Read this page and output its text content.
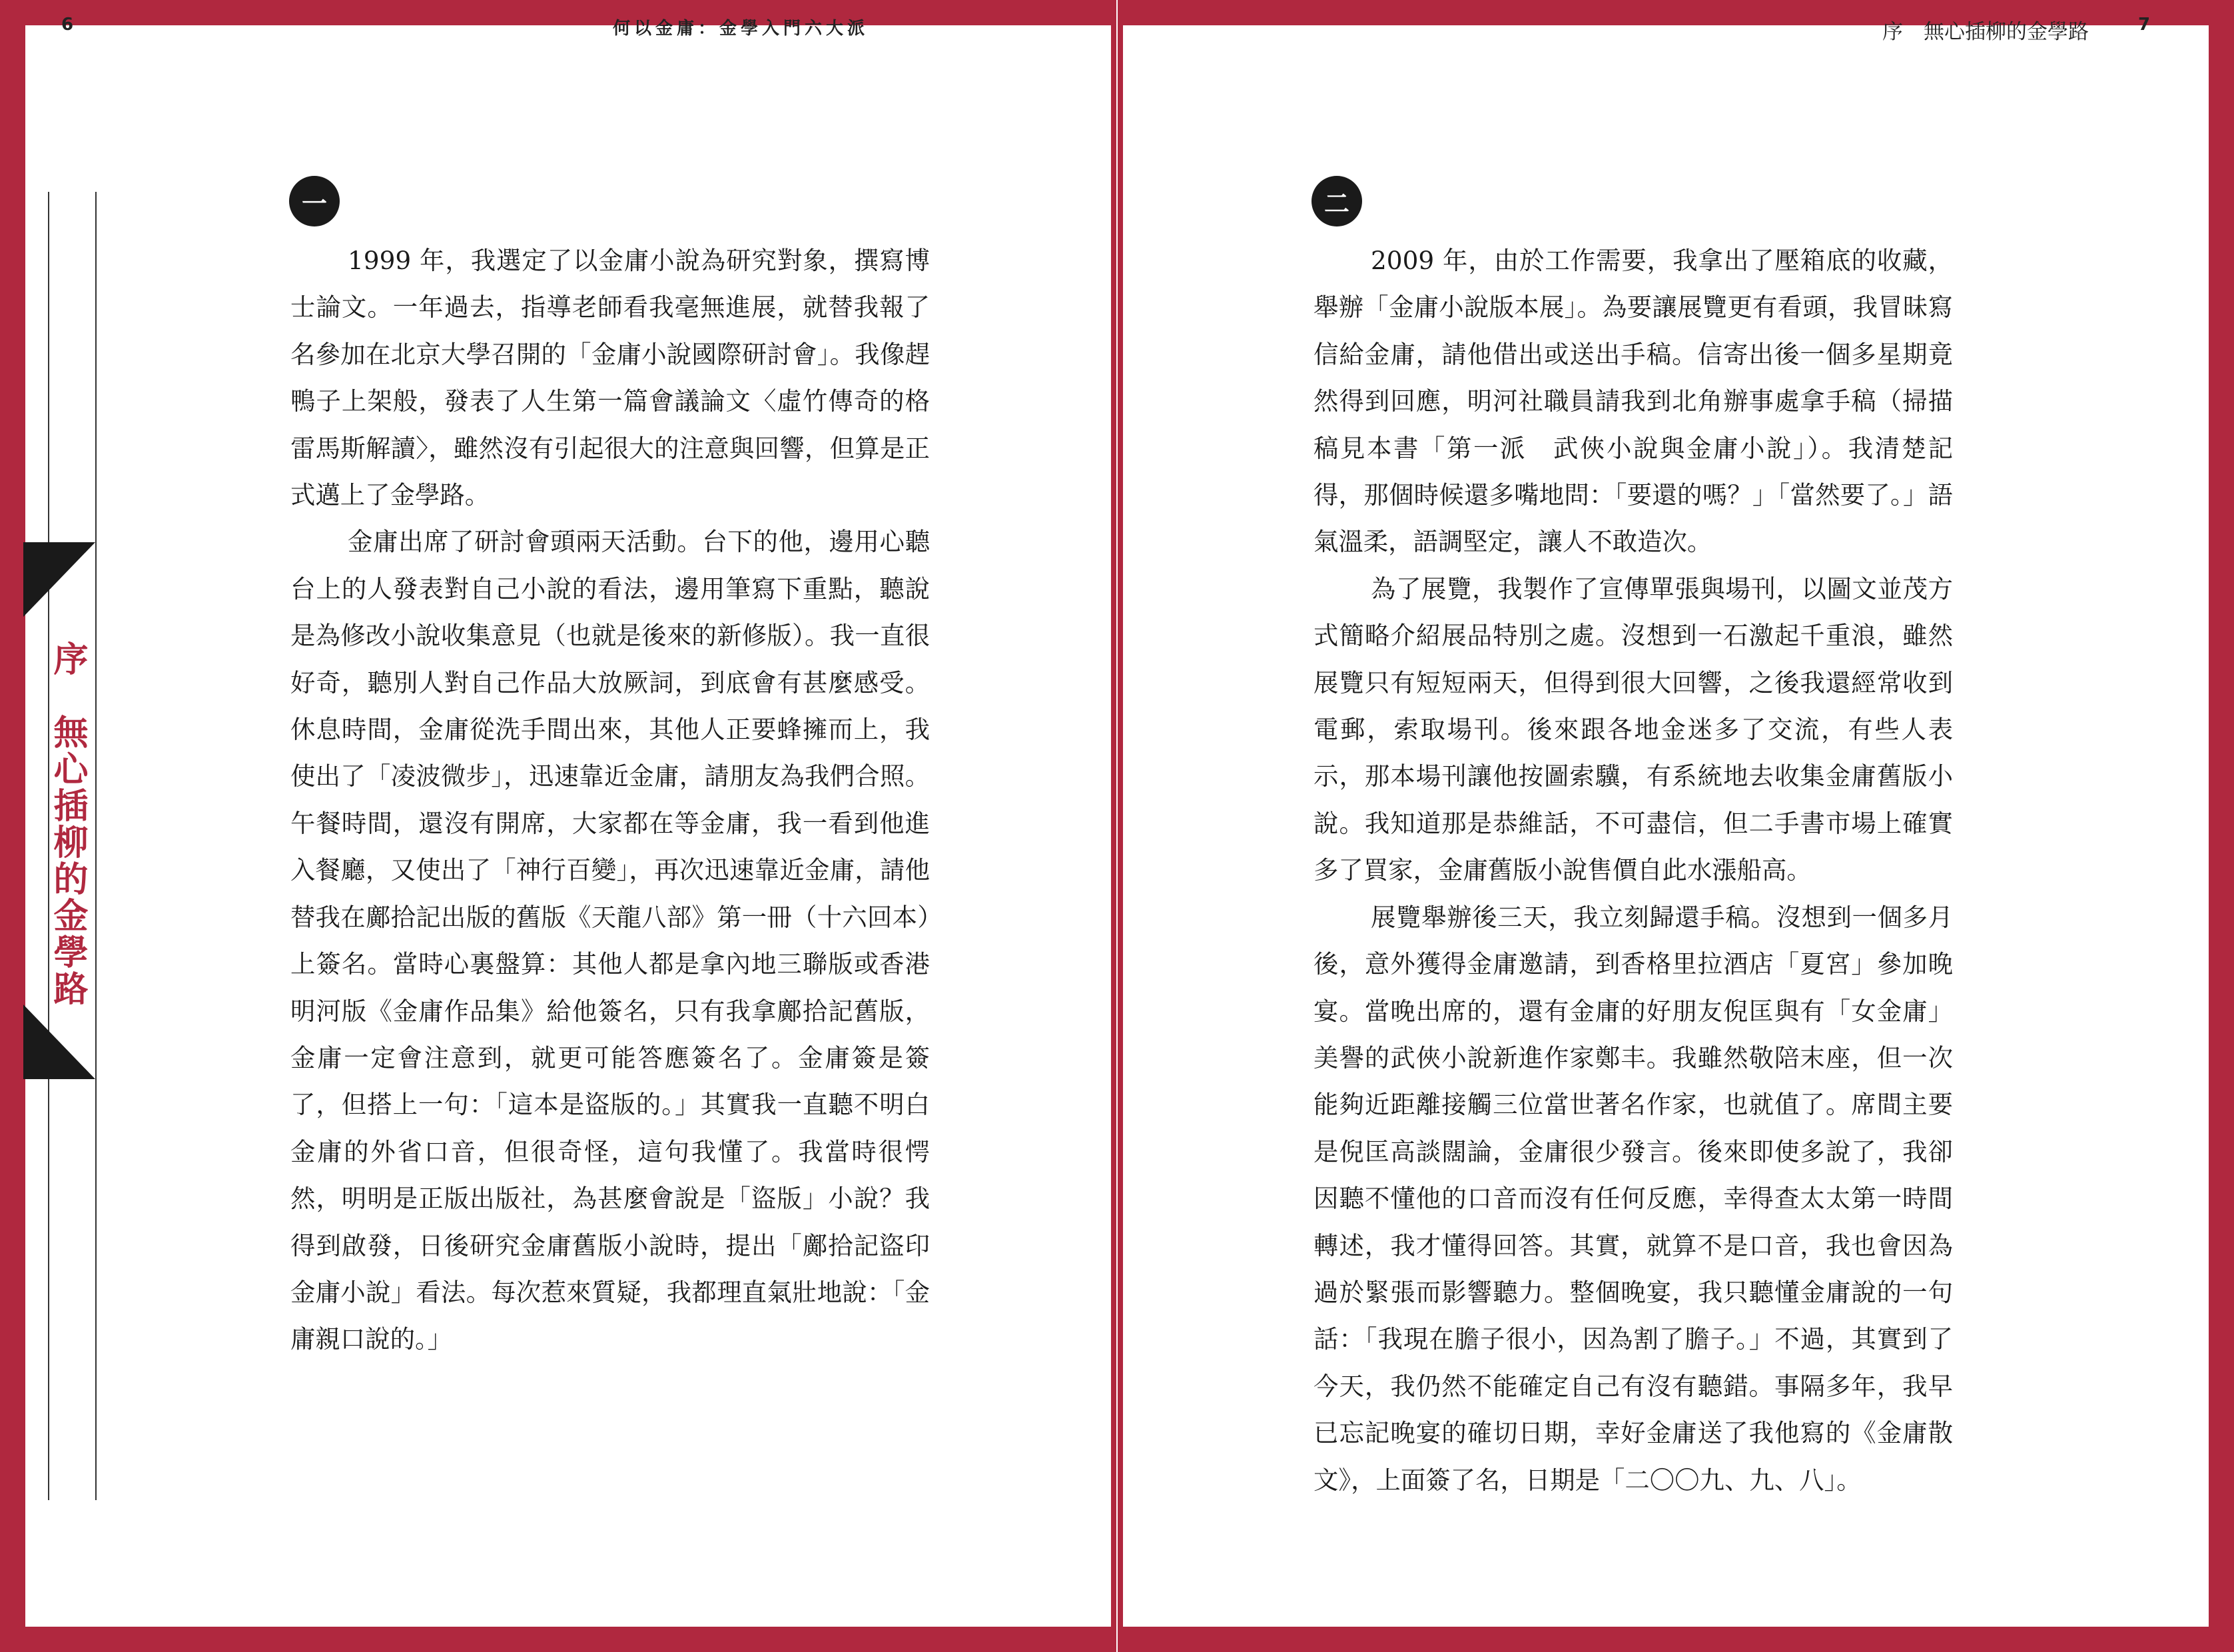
6	何以金庸：金學入門六大派	序　無心插柳的金學路	7
序　無心插柳的金學路
一	二

1999 年，我選定了以金庸小說為研究對象，撰寫博士論文。一年過去，指導老師看我毫無進展，就替我報了名參加在北京大學召開的「金庸小說國際研討會」。我像趕鴨子上架般，發表了人生第一篇會議論文〈虛竹傳奇的格雷馬斯解讀〉，雖然沒有引起很大的注意與回響，但算是正式邁上了金學路。

金庸出席了研討會頭兩天活動。台下的他，邊用心聽台上的人發表對自己小說的看法，邊用筆寫下重點，聽說是為修改小說收集意見（也就是後來的新修版）。我一直很好奇，聽別人對自己作品大放厥詞，到底會有甚麼感受。休息時間，金庸從洗手間出來，其他人正要蜂擁而上，我使出了「凌波微步」，迅速靠近金庸，請朋友為我們合照。午餐時間，還沒有開席，大家都在等金庸，我一看到他進入餐廳，又使出了「神行百變」，再次迅速靠近金庸，請他替我在鄺拾記出版的舊版《天龍八部》第一冊（十六回本）上簽名。當時心裏盤算：其他人都是拿內地三聯版或香港明河版《金庸作品集》給他簽名，只有我拿鄺拾記舊版，金庸一定會注意到，就更可能答應簽名了。金庸簽是簽了，但搭上一句：「這本是盜版的。」其實我一直聽不明白金庸的外省口音，但很奇怪，這句我懂了。我當時很愕然，明明是正版出版社，為甚麼會說是「盜版」小說？我得到啟發，日後研究金庸舊版小說時，提出「鄺拾記盜印金庸小說」看法。每次惹來質疑，我都理直氣壯地說：「金庸親口說的。」

2009 年，由於工作需要，我拿出了壓箱底的收藏，舉辦「金庸小說版本展」。為要讓展覽更有看頭，我冒昧寫信給金庸，請他借出或送出手稿。信寄出後一個多星期竟然得到回應，明河社職員請我到北角辦事處拿手稿（掃描稿見本書「第一派　武俠小說與金庸小說」）。我清楚記得，那個時候還多嘴地問：「要還的嗎？」「當然要了。」語氣溫柔，語調堅定，讓人不敢造次。

為了展覽，我製作了宣傳單張與場刊，以圖文並茂方式簡略介紹展品特別之處。沒想到一石激起千重浪，雖然展覽只有短短兩天，但得到很大回響，之後我還經常收到電郵，索取場刊。後來跟各地金迷多了交流，有些人表示，那本場刊讓他按圖索驥，有系統地去收集金庸舊版小說。我知道那是恭維話，不可盡信，但二手書市場上確實多了買家，金庸舊版小說售價自此水漲船高。

展覽舉辦後三天，我立刻歸還手稿。沒想到一個多月後，意外獲得金庸邀請，到香格里拉酒店「夏宮」參加晚宴。當晚出席的，還有金庸的好朋友倪匡與有「女金庸」美譽的武俠小說新進作家鄭丰。我雖然敬陪末座，但一次能夠近距離接觸三位當世著名作家，也就值了。席間主要是倪匡高談闊論，金庸很少發言。後來即使多說了，我卻因聽不懂他的口音而沒有任何反應，幸得查太太第一時間轉述，我才懂得回答。其實，就算不是口音，我也會因為過於緊張而影響聽力。整個晚宴，我只聽懂金庸說的一句話：「我現在膽子很小，因為割了膽子。」不過，其實到了今天，我仍然不能確定自己有沒有聽錯。事隔多年，我早已忘記晚宴的確切日期，幸好金庸送了我他寫的《金庸散文》，上面簽了名，日期是「二〇〇九、九、八」。
